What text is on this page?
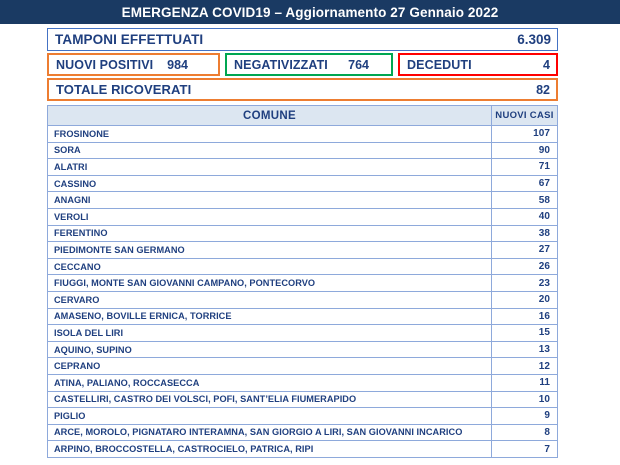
EMERGENZA COVID19 – Aggiornamento 27 Gennaio 2022
TAMPONI EFFETTUATI	6.309
NUOVI POSITIVI 984	NEGATIVIZZATI 764	DECEDUTI	4
TOTALE RICOVERATI	82
COMUNE	NUOVI CASI
FROSINONE	107
SORA	90
ALATRI	71
CASSINO	67
ANAGNI	58
VEROLI	40
FERENTINO	38
PIEDIMONTE SAN GERMANO	27
CECCANO	26
FIUGGI, MONTE SAN GIOVANNI CAMPANO, PONTECORVO	23
CERVARO	20
AMASENO, BOVILLE ERNICA, TORRICE	16
ISOLA DEL LIRI	15
AQUINO, SUPINO	13
CEPRANO	12
ATINA, PALIANO, ROCCASECCA	11
CASTELLIRI, CASTRO DEI VOLSCI, POFI, SANT’ELIA FIUMERAPIDO	10
PIGLIO	9
ARCE, MOROLO, PIGNATARO INTERAMNA, SAN GIORGIO A LIRI, SAN GIOVANNI INCARICO	8
ARPINO, BROCCOSTELLA, CASTROCIELO, PATRICA, RIPI	7
